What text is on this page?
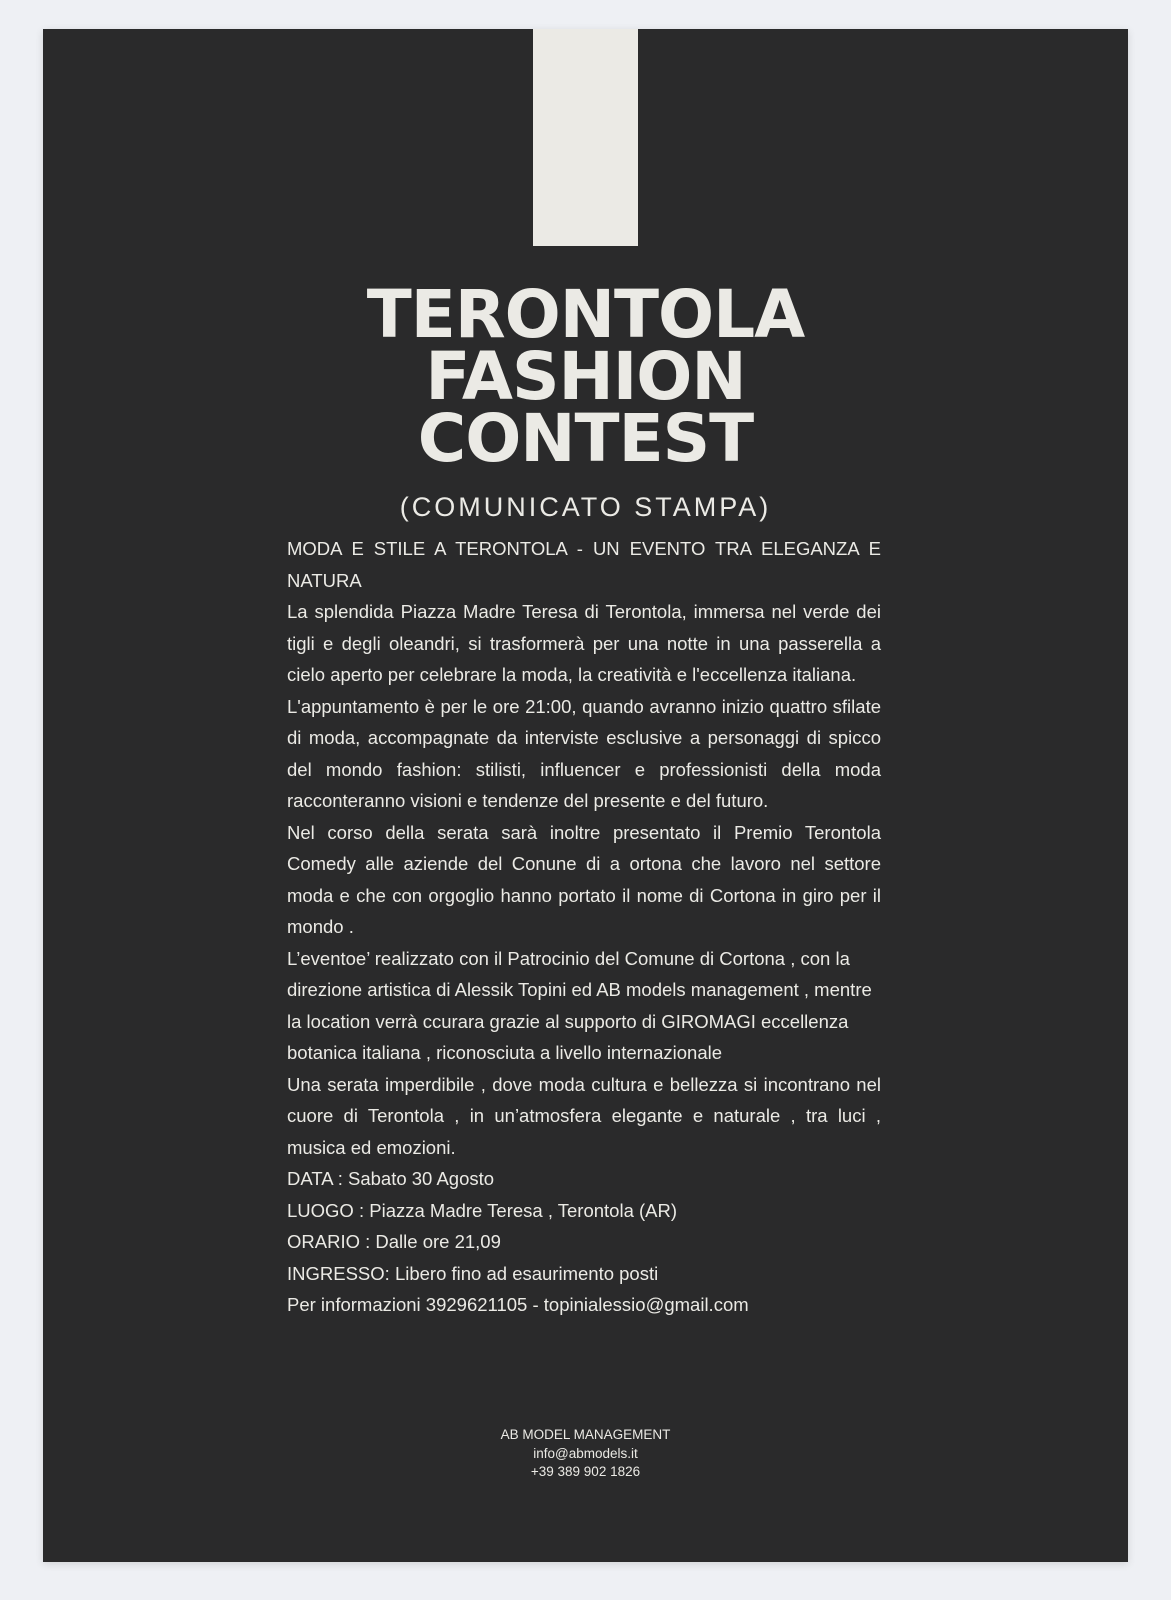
TERONTOLA
FASHION
CONTEST
(COMUNICATO STAMPA)

MODA E STILE A TERONTOLA - UN EVENTO TRA ELEGANZA E NATURA

La splendida Piazza Madre Teresa di Terontola, immersa nel verde dei tigli e degli oleandri, si trasformerà per una notte in una passerella a cielo aperto per celebrare la moda, la creatività e l'eccellenza italiana.

L'appuntamento è per le ore 21:00, quando avranno inizio quattro sfilate di moda, accompagnate da interviste esclusive a personaggi di spicco del mondo fashion: stilisti, influencer e professionisti della moda racconteranno visioni e tendenze del presente e del futuro.

Nel corso della serata sarà inoltre presentato il Premio Terontola Comedy alle aziende del Conune di a ortona che lavoro nel settore moda e che con orgoglio hanno portato il nome di Cortona in giro per il mondo .

L’eventoe’ realizzato con il Patrocinio del Comune di Cortona , con la direzione artistica di Alessik Topini ed AB models management , mentre la location verrà ccurara grazie al supporto di GIROMAGI eccellenza botanica italiana , riconosciuta a livello internazionale

Una serata imperdibile , dove moda cultura e bellezza si incontrano nel cuore di Terontola , in un’atmosfera elegante e naturale , tra luci , musica ed emozioni.

DATA : Sabato 30 Agosto
LUOGO : Piazza Madre Teresa , Terontola (AR)
ORARIO : Dalle ore 21,09
INGRESSO: Libero fino ad esaurimento posti
Per informazioni 3929621105 - topinialessio@gmail.com
AB MODEL MANAGEMENT
info@abmodels.it
+39 389 902 1826
